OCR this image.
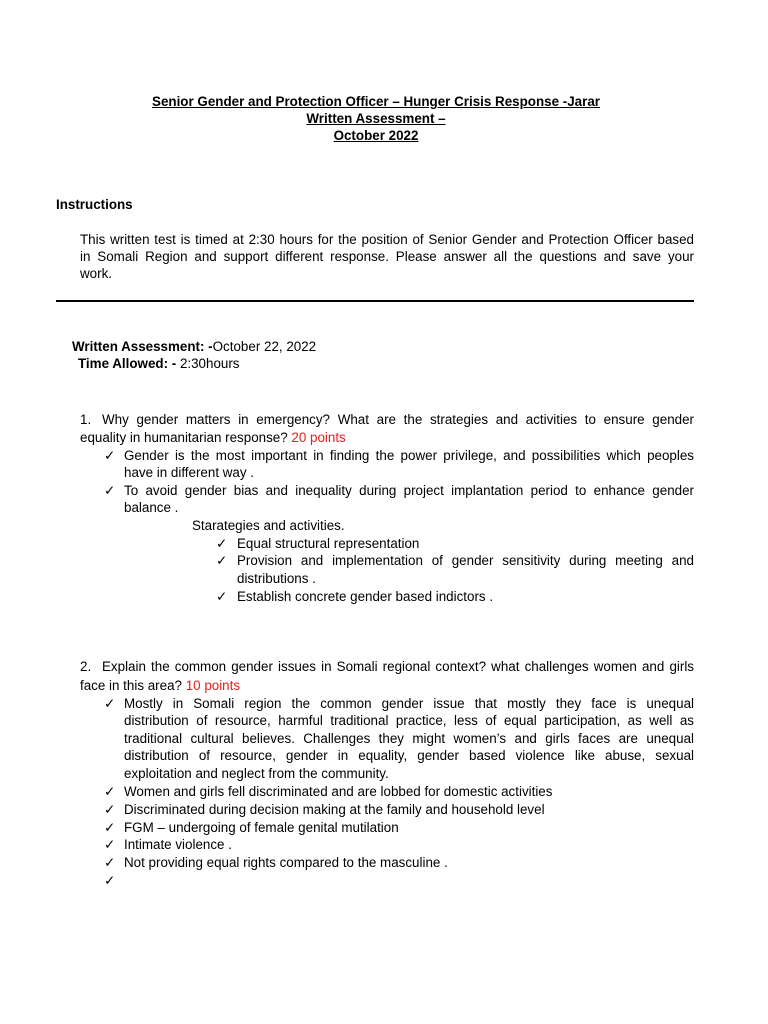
Senior Gender and Protection Officer – Hunger Crisis Response -Jarar
Written Assessment –
October 2022
Instructions
This written test is timed at 2:30 hours for the position of Senior Gender and Protection Officer based
in Somali Region and support different response. Please answer all the questions and save your
work.
Written Assessment: -October 22, 2022
Time Allowed: - 2:30hours
1. Why gender matters in emergency? What are the strategies and activities to ensure gender
equality in humanitarian response? 20 points
✓ Gender is the most important in finding the power privilege, and possibilities which peoples
have in different way .
✓ To avoid gender bias and inequality during project implantation period to enhance gender
balance .
Starategies and activities.
✓ Equal structural representation
✓ Provision and implementation of gender sensitivity during meeting and
distributions .
✓ Establish concrete gender based indictors .
2. Explain the common gender issues in Somali regional context? what challenges women and girls
face in this area? 10 points
✓ Mostly in Somali region the common gender issue that mostly they face is unequal
distribution of resource, harmful traditional practice, less of equal participation, as well as
traditional cultural believes. Challenges they might women’s and girls faces are unequal
distribution of resource, gender in equality, gender based violence like abuse, sexual
exploitation and neglect from the community.
✓ Women and girls fell discriminated and are lobbed for domestic activities
✓ Discriminated during decision making at the family and household level
✓ FGM – undergoing of female genital mutilation
✓ Intimate violence .
✓ Not providing equal rights compared to the masculine .
✓
